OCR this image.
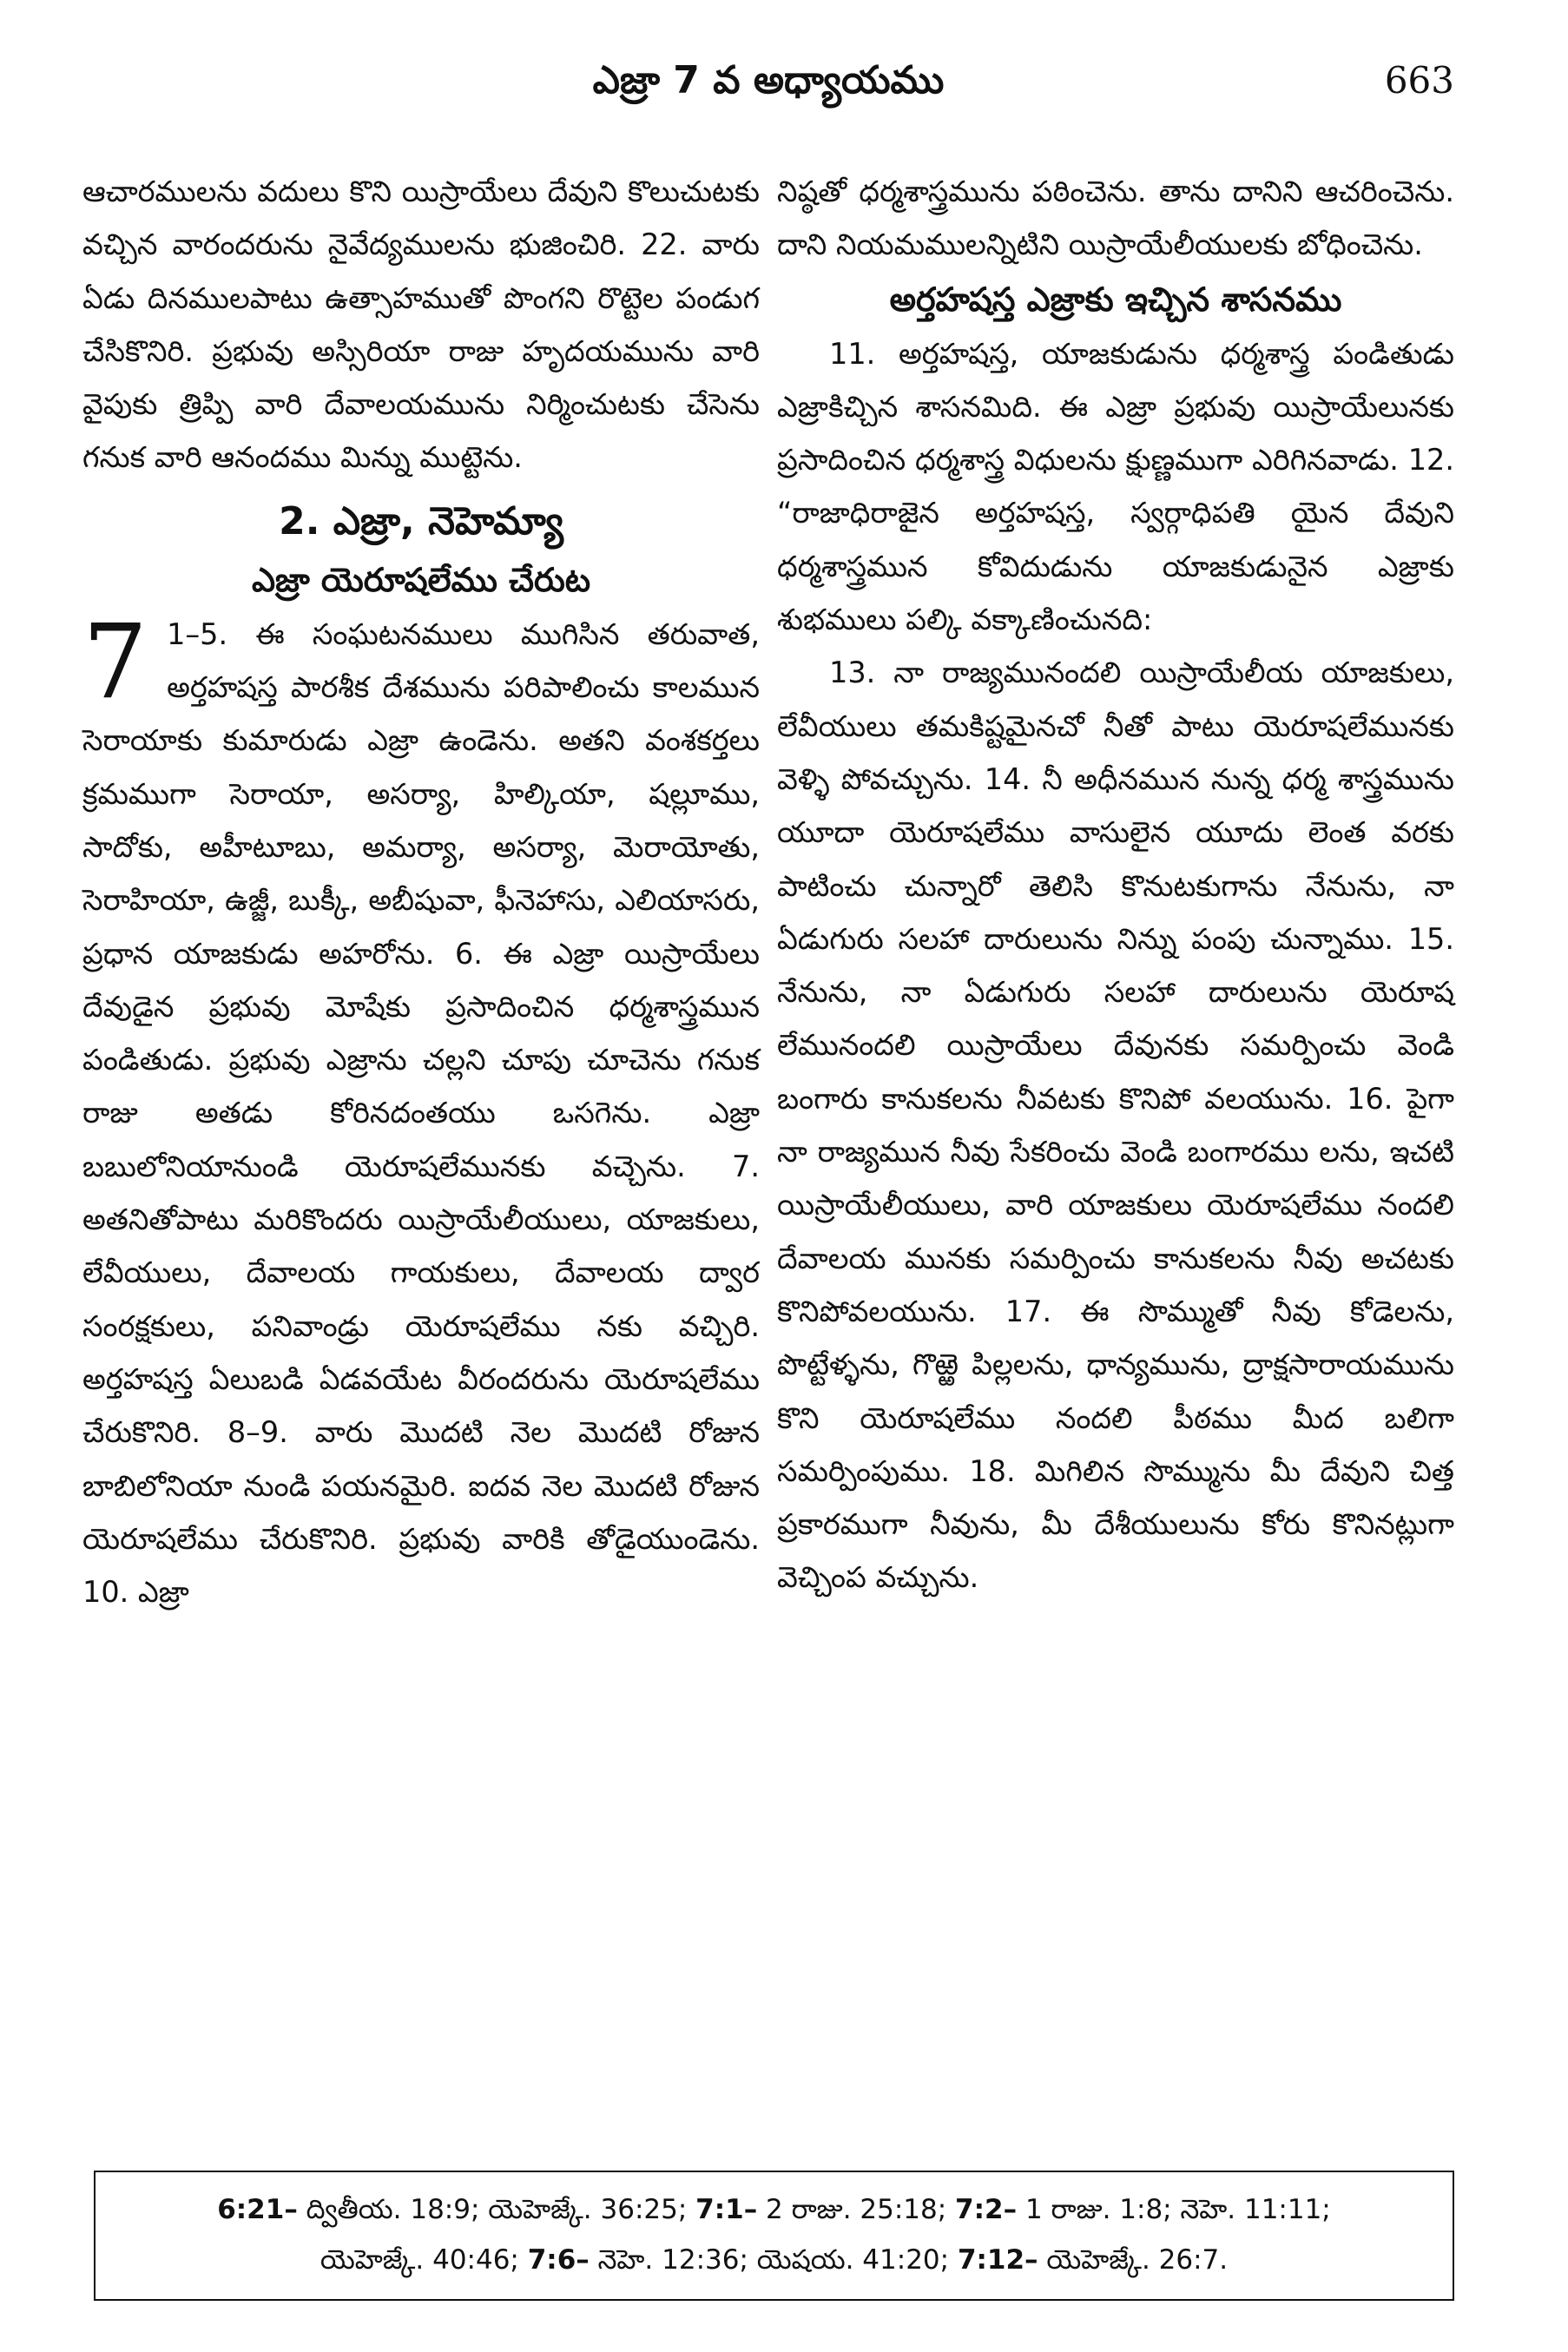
ఎజ్రా 7 వ అధ్యాయము	663

ఆచారములను వదులు కొని యిస్రాయేలు దేవుని కొలుచుటకు వచ్చిన వారందరును నైవేద్యములను భుజించిరి. 22. వారు ఏడు దినములపాటు ఉత్సాహముతో పొంగని రొట్టెల పండుగ చేసికొనిరి. ప్రభువు అస్సిరియా రాజు హృదయమును వారి వైపుకు త్రిప్పి వారి దేవాలయమును నిర్మించుటకు చేసెను గనుక వారి ఆనందము మిన్ను ముట్టెను.

2. ఎజ్రా, నెహెమ్యా
ఎజ్రా యెరూషలేము చేరుట
7 1–5. ఈ సంఘటనములు ముగిసిన తరువాత, అర్తహషస్త పారశీక దేశమును పరిపాలించు కాలమున సెరాయాకు కుమారుడు ఎజ్రా ఉండెను. అతని వంశకర్తలు క్రమముగా సెరాయా, అసర్యా, హిల్కియా, షల్లూము, సాదోకు, అహీటూబు, అమర్యా, అసర్యా, మెరాయోతు, సెరాహియా, ఉజ్జీ, బుక్కీ, అబీషువా, ఫీనెహాసు, ఎలియాసరు, ప్రధాన యాజకుడు అహరోను. 6. ఈ ఎజ్రా యిస్రాయేలు దేవుడైన ప్రభువు మోషేకు ప్రసాదించిన ధర్మశాస్త్రమున పండితుడు. ప్రభువు ఎజ్రాను చల్లని చూపు చూచెను గనుక రాజు అతడు కోరినదంతయు ఒసగెను. ఎజ్రా బబులోనియానుండి యెరూషలేమునకు వచ్చెను. 7. అతనితోపాటు మరికొందరు యిస్రాయేలీయులు, యాజకులు, లేవీయులు, దేవాలయ గాయకులు, దేవాలయ ద్వార సంరక్షకులు, పనివాండ్రు యెరూషలేము నకు వచ్చిరి. అర్తహషస్త ఏలుబడి ఏడవయేట వీరందరును యెరూషలేము చేరుకొనిరి. 8–9. వారు మొదటి నెల మొదటి రోజున బాబిలోనియా నుండి పయనమైరి. ఐదవ నెల మొదటి రోజున యెరూషలేము చేరుకొనిరి. ప్రభువు వారికి తోడైయుండెను. 10. ఎజ్రా

నిష్ఠతో ధర్మశాస్త్రమును పఠించెను. తాను దానిని ఆచరించెను. దాని నియమములన్నిటిని యిస్రాయేలీయులకు బోధించెను.

అర్తహషస్త ఎజ్రాకు ఇచ్చిన శాసనము

11. అర్తహషస్త, యాజకుడును ధర్మశాస్త్ర పండితుడు ఎజ్రాకిచ్చిన శాసనమిది. ఈ ఎజ్రా ప్రభువు యిస్రాయేలునకు ప్రసాదించిన ధర్మశాస్త్ర విధులను క్షుణ్ణముగా ఎరిగినవాడు. 12. “రాజాధిరాజైన అర్తహషస్త, స్వర్గాధిపతి యైన దేవుని ధర్మశాస్త్రమున కోవిదుడును యాజకుడునైన ఎజ్రాకు శుభములు పల్కి వక్కాణించునది:

13. నా రాజ్యమునందలి యిస్రాయేలీయ యాజకులు, లేవీయులు తమకిష్టమైనచో నీతో పాటు యెరూషలేమునకు వెళ్ళి పోవచ్చును. 14. నీ అధీనమున నున్న ధర్మ శాస్త్రమును యూదా యెరూషలేము వాసులైన యూదు లెంత వరకు పాటించు చున్నారో తెలిసి కొనుటకుగాను నేనును, నా ఏడుగురు సలహా దారులును నిన్ను పంపు చున్నాము. 15. నేనును, నా ఏడుగురు సలహా దారులును యెరూష లేమునందలి యిస్రాయేలు దేవునకు సమర్పించు వెండి బంగారు కానుకలను నీవటకు కొనిపో వలయును. 16. పైగా నా రాజ్యమున నీవు సేకరించు వెండి బంగారము లను, ఇచటి యిస్రాయేలీయులు, వారి యాజకులు యెరూషలేము నందలి దేవాలయ మునకు సమర్పించు కానుకలను నీవు అచటకు కొనిపోవలయును. 17. ఈ సొమ్ముతో నీవు కోడెలను, పొట్టేళ్ళను, గొఱ్ఱె పిల్లలను, ధాన్యమును, ద్రాక్షసారాయమును కొని యెరూషలేము నందలి పీఠము మీద బలిగా సమర్పింపుము. 18. మిగిలిన సొమ్మును మీ దేవుని చిత్త ప్రకారముగా నీవును, మీ దేశీయులును కోరు కొనినట్లుగా వెచ్చింప వచ్చును.

6:21– ద్వితీయ. 18:9; యెహెజ్కే. 36:25; 7:1– 2 రాజు. 25:18; 7:2– 1 రాజు. 1:8; నెహె. 11:11;
యెహెజ్కే. 40:46; 7:6– నెహె. 12:36; యెషయ. 41:20; 7:12– యెహెజ్కే. 26:7.
